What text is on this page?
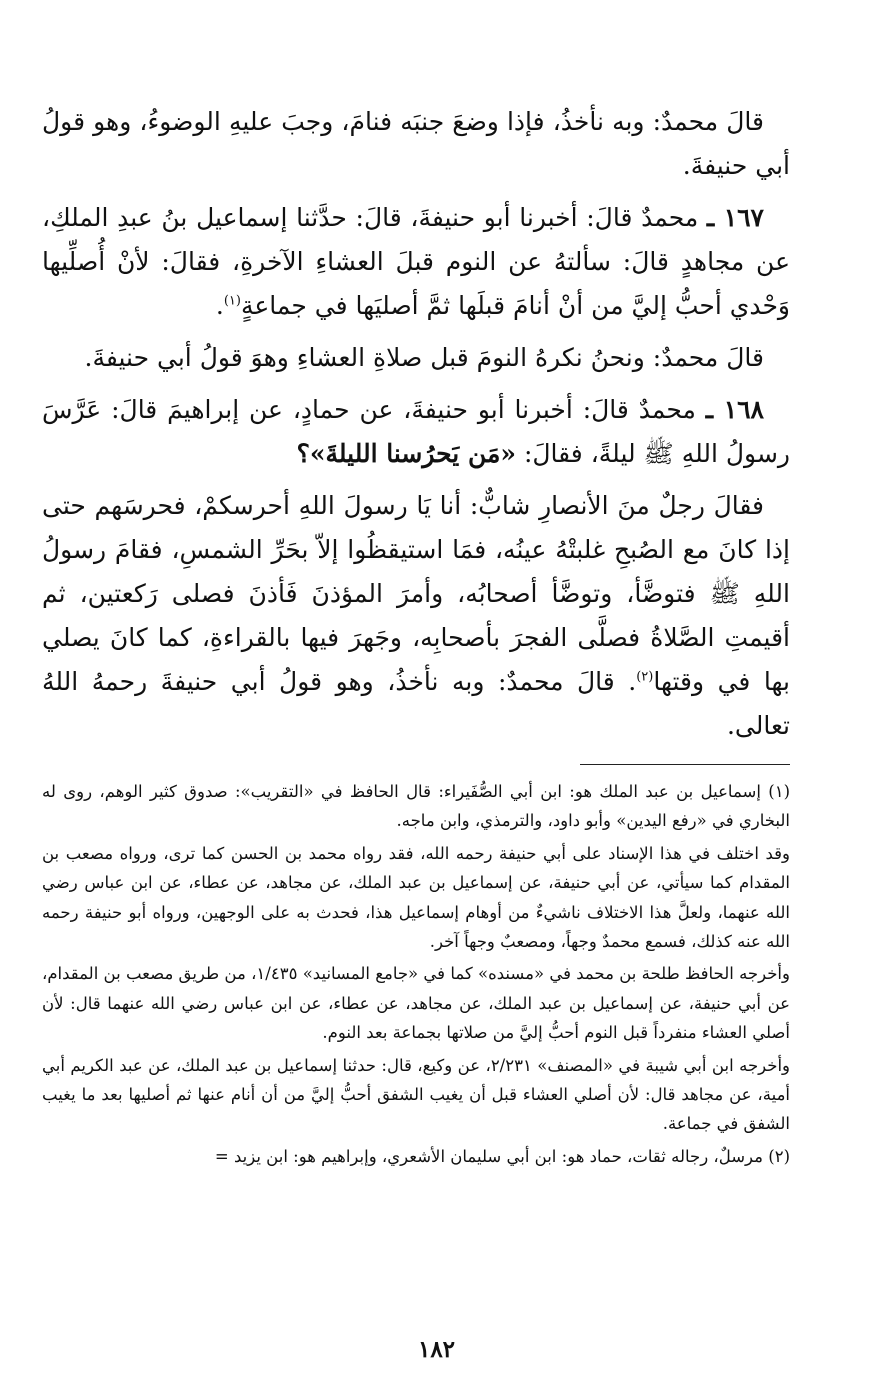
قالَ محمدٌ: وبه نأخذُ، فإذا وضعَ جنبَه فنامَ، وجبَ عليهِ الوضوءُ، وهو قولُ أبي حنيفةَ.

١٦٧ ـ محمدٌ قالَ: أخبرنا أبو حنيفةَ، قالَ: حدَّثنا إسماعيل بنُ عبدِ الملكِ، عن مجاهدٍ قالَ: سألتهُ عن النوم قبلَ العشاءِ الآخرةِ، فقالَ: لأنْ أُصلِّيها وَحْدي أحبُّ إليَّ من أنْ أنامَ قبلَها ثمَّ أصليَها في جماعةٍ$^{(١)}$.

قالَ محمدٌ: ونحنُ نكرهُ النومَ قبل صلاةِ العشاءِ وهوَ قولُ أبي حنيفةَ.

١٦٨ ـ محمدٌ قالَ: أخبرنا أبو حنيفةَ، عن حمادٍ، عن إبراهيمَ قالَ: عَرَّسَ رسولُ اللهِ ﷺ ليلةً، فقالَ: «مَن يَحرُسنا الليلةَ»؟

فقالَ رجلٌ منَ الأنصارِ شابٌّ: أنا يَا رسولَ اللهِ أحرسكمْ، فحرسَهم حتى إذا كانَ مع الصُبحِ غلبتْهُ عينُه، فمَا استيقظُوا إلاّ بحَرِّ الشمسِ، فقامَ رسولُ اللهِ ﷺ فتوضَّأ، وتوضَّأ أصحابُه، وأمرَ المؤذنَ فَأذنَ فصلى رَكعتين، ثم أقيمتِ الصَّلاةُ فصلَّى الفجرَ بأصحابِه، وجَهرَ فيها بالقراءةِ، كما كانَ يصلي بها في وقتها$^{(٢)}$. قالَ محمدٌ: وبه نأخذُ، وهو قولُ أبي حنيفةَ رحمهُ اللهُ تعالى.

(١) إسماعيل بن عبد الملك هو: ابن أبي الصُّفَيراء: قال الحافظ في «التقريب»: صدوق كثير الوهم، روى له البخاري في «رفع اليدين» وأبو داود، والترمذي، وابن ماجه.

وقد اختلف في هذا الإسناد على أبي حنيفة رحمه الله، فقد رواه محمد بن الحسن كما ترى، ورواه مصعب بن المقدام كما سيأتي، عن أبي حنيفة، عن إسماعيل بن عبد الملك، عن مجاهد، عن عطاء، عن ابن عباس رضي الله عنهما، ولعلَّ هذا الاختلاف ناشيءٌ من أوهام إسماعيل هذا، فحدث به على الوجهين، ورواه أبو حنيفة رحمه الله عنه كذلك، فسمع محمدٌ وجهاً، ومصعبٌ وجهاً آخر.

وأخرجه الحافظ طلحة بن محمد في «مسنده» كما في «جامع المسانيد» ١/٤٣٥، من طريق مصعب بن المقدام، عن أبي حنيفة، عن إسماعيل بن عبد الملك، عن مجاهد، عن عطاء، عن ابن عباس رضي الله عنهما قال: لأن أصلي العشاء منفرداً قبل النوم أحبُّ إليَّ من صلاتها بجماعة بعد النوم.

وأخرجه ابن أبي شيبة في «المصنف» ٢/٢٣١، عن وكيع، قال: حدثنا إسماعيل بن عبد الملك، عن عبد الكريم أبي أمية، عن مجاهد قال: لأن أصلي العشاء قبل أن يغيب الشفق أحبُّ إليَّ من أن أنام عنها ثم أصليها بعد ما يغيب الشفق في جماعة.

(٢) مرسلٌ، رجاله ثقات، حماد هو: ابن أبي سليمان الأشعري، وإبراهيم هو: ابن يزيد =

١٨٢
